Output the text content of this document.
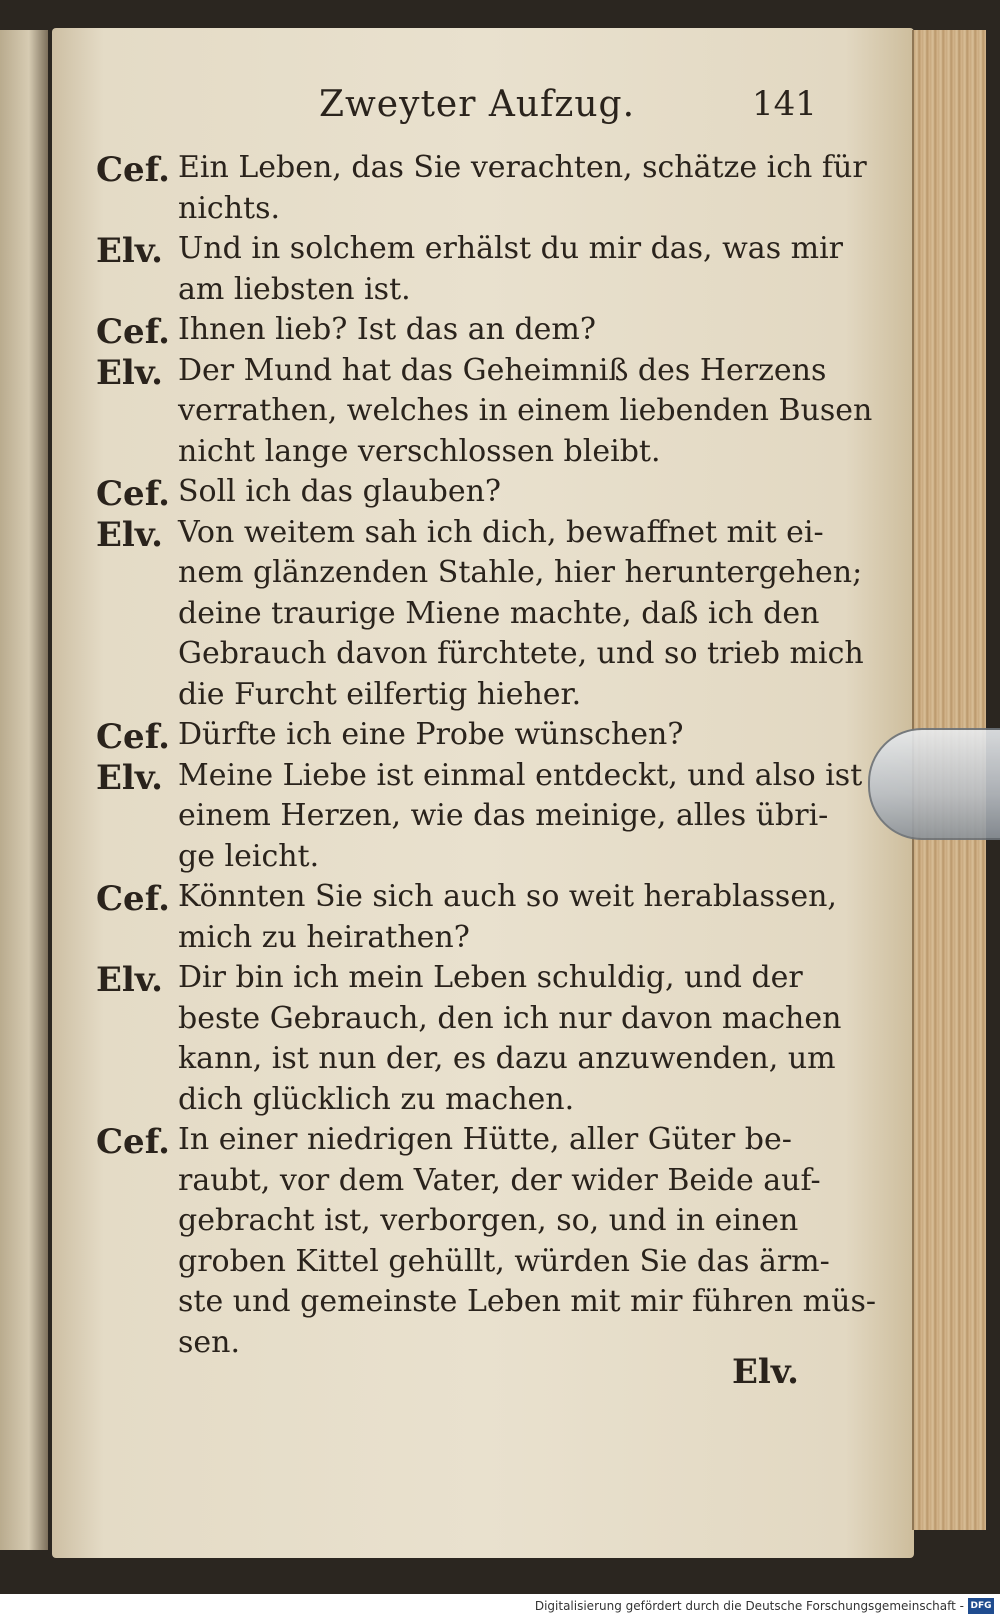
Zweyter Aufzug.	141
Cef. Ein Leben, das Sie verachten, schätze ich für
nichts.
Elv. Und in solchem erhälst du mir das, was mir
am liebsten ist.
Cef. Ihnen lieb? Ist das an dem?
Elv. Der Mund hat das Geheimniß des Herzens
verrathen, welches in einem liebenden Busen
nicht lange verschlossen bleibt.
Cef. Soll ich das glauben?
Elv. Von weitem sah ich dich, bewaffnet mit ei-
nem glänzenden Stahle, hier heruntergehen;
deine traurige Miene machte, daß ich den
Gebrauch davon fürchtete, und so trieb mich
die Furcht eilfertig hieher.
Cef. Dürfte ich eine Probe wünschen?
Elv. Meine Liebe ist einmal entdeckt, und also ist
einem Herzen, wie das meinige, alles übri-
ge leicht.
Cef. Könnten Sie sich auch so weit herablassen,
mich zu heirathen?
Elv. Dir bin ich mein Leben schuldig, und der
beste Gebrauch, den ich nur davon machen
kann, ist nun der, es dazu anzuwenden, um
dich glücklich zu machen.
Cef. In einer niedrigen Hütte, aller Güter be-
raubt, vor dem Vater, der wider Beide auf-
gebracht ist, verborgen, so, und in einen
groben Kittel gehüllt, würden Sie das ärm-
ste und gemeinste Leben mit mir führen müs-
sen.
Elv.
Digitalisierung gefördert durch die Deutsche Forschungsgemeinschaft - DFG
